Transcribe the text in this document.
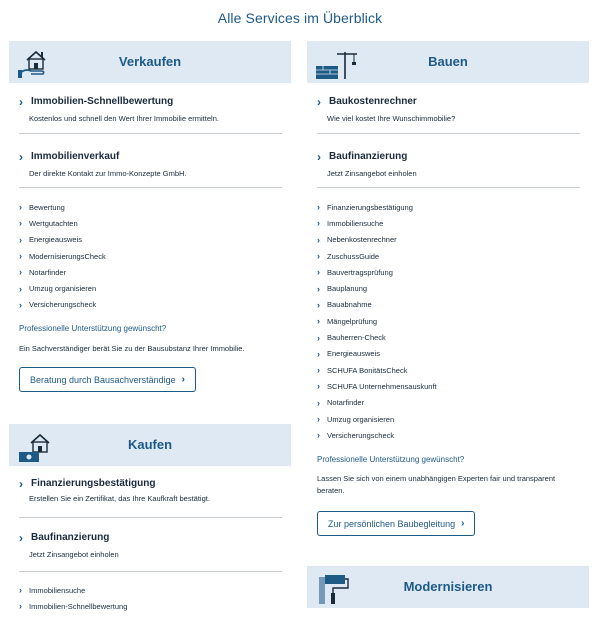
Alle Services im Überblick
Verkaufen
› Immobilien-Schnellbewertung
Kostenlos und schnell den Wert Ihrer Immobilie ermitteln.
› Immobilienverkauf
Der direkte Kontakt zur Immo-Konzepte GmbH.
› Bewertung
› Wertgutachten
› Energieausweis
› ModernisierungsCheck
› Notarfinder
› Umzug organisieren
› Versicherungscheck
Professionelle Unterstützung gewünscht?
Ein Sachverständiger berät Sie zu der Bausubstanz Ihrer Immobilie.
Beratung durch Bausachverständige ›
Kaufen
› Finanzierungsbestätigung
Erstellen Sie ein Zertifikat, das Ihre Kaufkraft bestätigt.
› Baufinanzierung
Jetzt Zinsangebot einholen
› Immobiliensuche
› Immobilien-Schnellbewertung
Bauen
› Baukostenrechner
Wie viel kostet Ihre Wunschimmobilie?
› Baufinanzierung
Jetzt Zinsangebot einholen
› Finanzierungsbestätigung
› Immobiliensuche
› Nebenkostenrechner
› ZuschussGuide
› Bauvertragsprüfung
› Bauplanung
› Bauabnahme
› Mängelprüfung
› Bauherren-Check
› Energieausweis
› SCHUFA BonitätsCheck
› SCHUFA Unternehmensauskunft
› Notarfinder
› Umzug organisieren
› Versicherungscheck
Professionelle Unterstützung gewünscht?
Lassen Sie sich von einem unabhängigen Experten fair und transparent beraten.
Zur persönlichen Baubegleitung ›
Modernisieren
